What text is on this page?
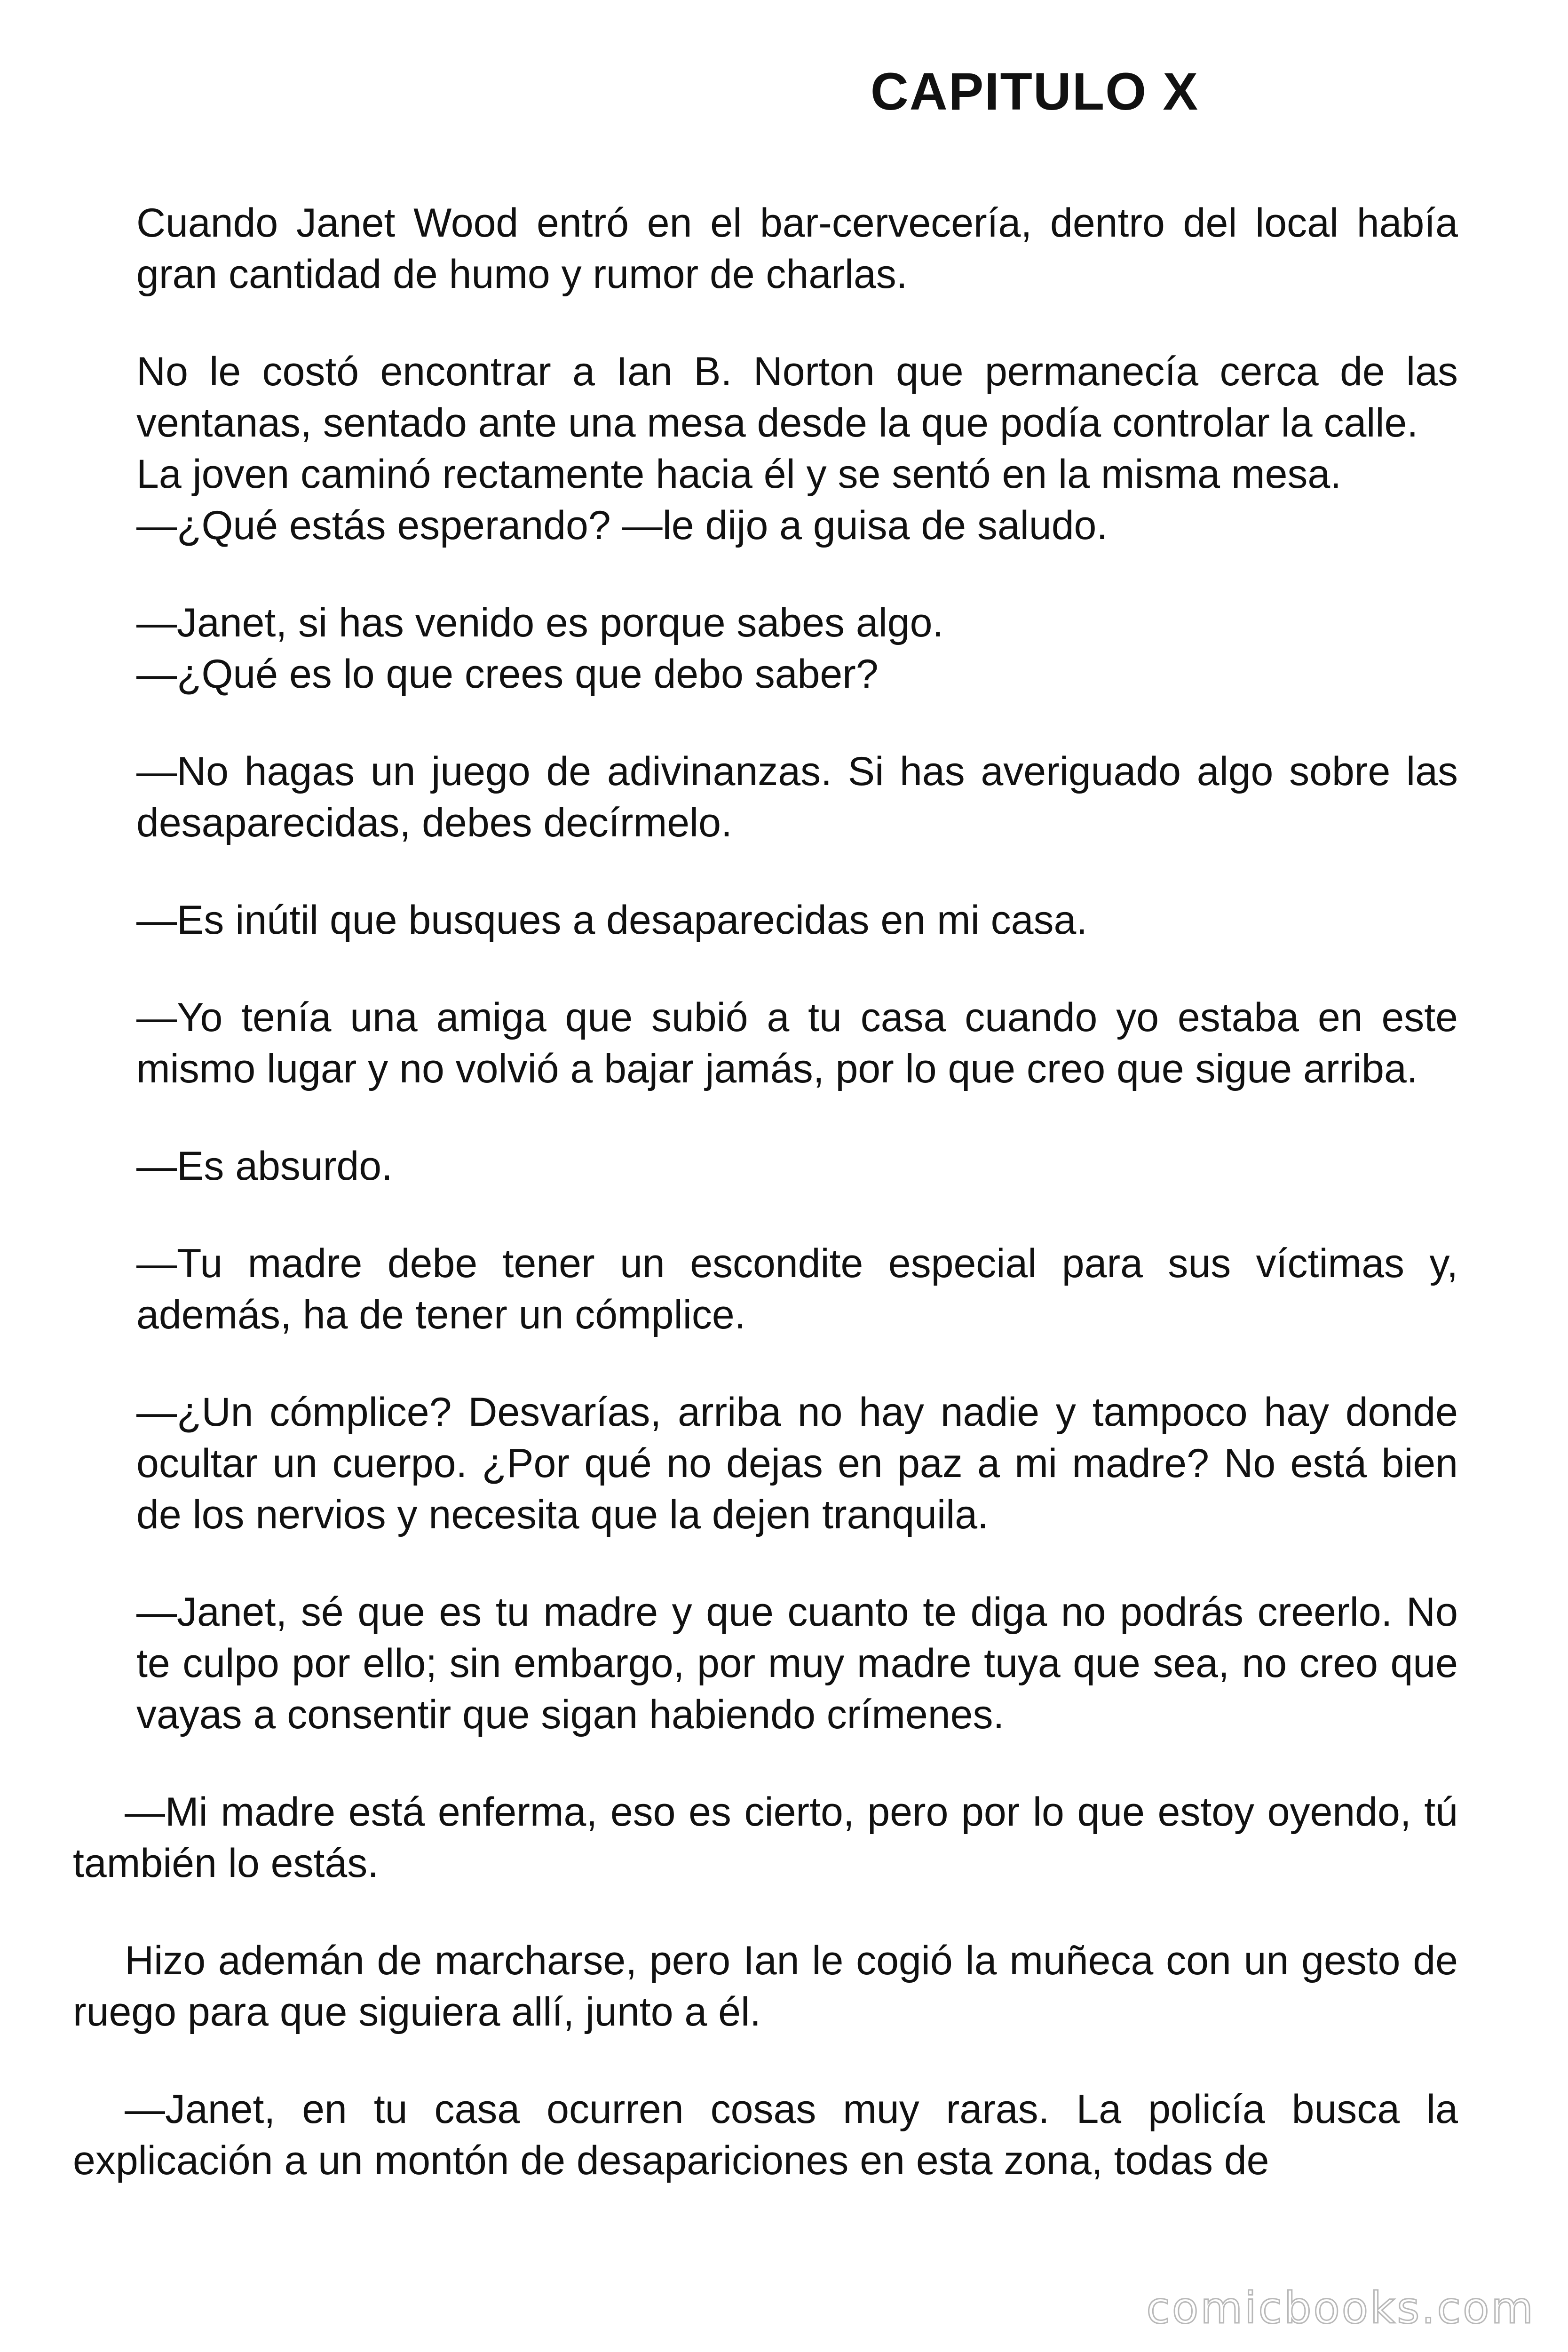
CAPITULO X

Cuando Janet Wood entró en el bar-cervecería, dentro del local había gran cantidad de humo y rumor de charlas.

No le costó encontrar a Ian B. Norton que permanecía cerca de las ventanas, sentado ante una mesa desde la que podía controlar la calle.

La joven caminó rectamente hacia él y se sentó en la misma mesa.

—¿Qué estás esperando? —le dijo a guisa de saludo.

—Janet, si has venido es porque sabes algo.

—¿Qué es lo que crees que debo saber?

—No hagas un juego de adivinanzas. Si has averiguado algo sobre las desaparecidas, debes decírmelo.

—Es inútil que busques a desaparecidas en mi casa.

—Yo tenía una amiga que subió a tu casa cuando yo estaba en este mismo lugar y no volvió a bajar jamás, por lo que creo que sigue arriba.

—Es absurdo.

—Tu madre debe tener un escondite especial para sus víctimas y, además, ha de tener un cómplice.

—¿Un cómplice? Desvarías, arriba no hay nadie y tampoco hay donde ocultar un cuerpo. ¿Por qué no dejas en paz a mi madre? No está bien de los nervios y necesita que la dejen tranquila.

—Janet, sé que es tu madre y que cuanto te diga no podrás creerlo. No te culpo por ello; sin embargo, por muy madre tuya que sea, no creo que vayas a consentir que sigan habiendo crímenes.

—Mi madre está enferma, eso es cierto, pero por lo que estoy oyendo, tú también lo estás.

Hizo ademán de marcharse, pero Ian le cogió la muñeca con un gesto de ruego para que siguiera allí, junto a él.

—Janet, en tu casa ocurren cosas muy raras. La policía busca la explicación a un montón de desapariciones en esta zona, todas de

comicbooks.com
